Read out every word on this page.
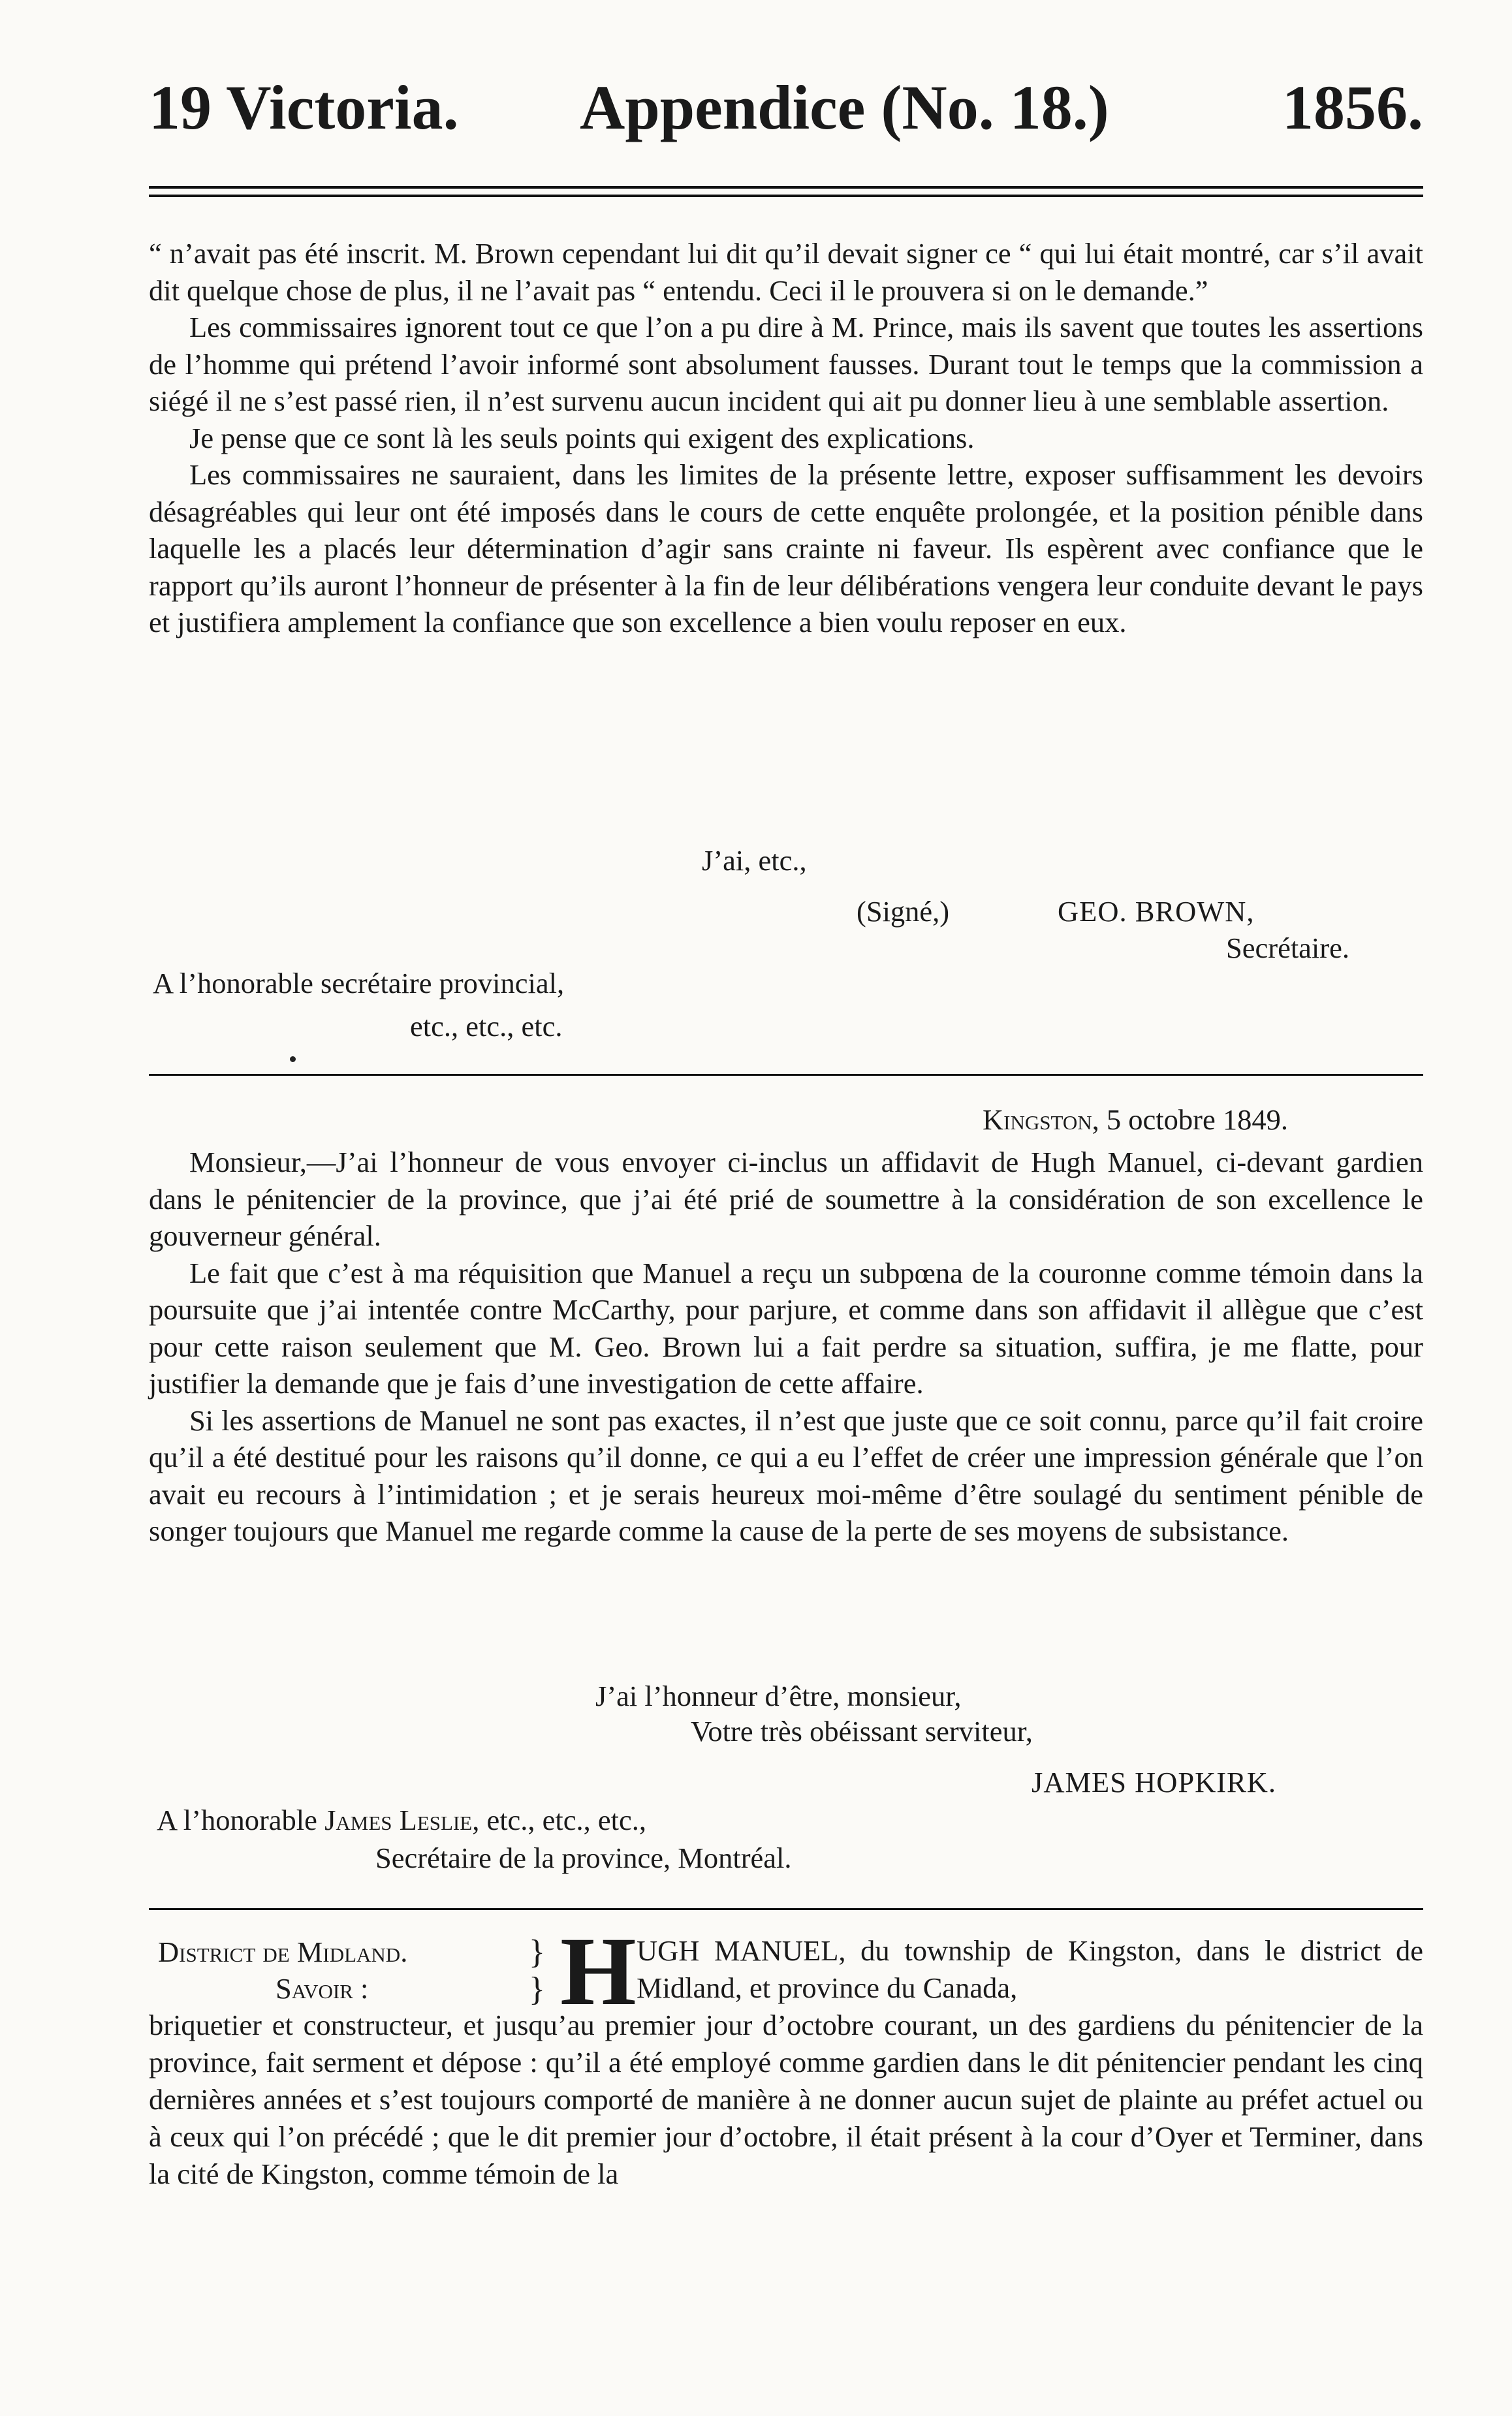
19 Victoria. Appendice (No. 18.)	1856.

“ n’avait pas été inscrit. M. Brown cependant lui dit qu’il devait signer ce “ qui lui était montré, car s’il avait dit quelque chose de plus, il ne l’avait pas “ entendu. Ceci il le prouvera si on le demande.”

Les commissaires ignorent tout ce que l’on a pu dire à M. Prince, mais ils savent que toutes les assertions de l’homme qui prétend l’avoir informé sont absolument fausses. Durant tout le temps que la commission a siégé il ne s’est passé rien, il n’est survenu aucun incident qui ait pu donner lieu à une semblable assertion.

Je pense que ce sont là les seuls points qui exigent des explications.

Les commissaires ne sauraient, dans les limites de la présente lettre, exposer suffisamment les devoirs désagréables qui leur ont été imposés dans le cours de cette enquête prolongée, et la position pénible dans laquelle les a placés leur détermination d’agir sans crainte ni faveur. Ils espèrent avec confiance que le rapport qu’ils auront l’honneur de présenter à la fin de leur délibérations vengera leur conduite devant le pays et justifiera amplement la confiance que son excellence a bien voulu reposer en eux.

J’ai, etc.,
(Signé,)	GEO. BROWN,
Secrétaire.
A l’honorable secrétaire provincial,
etc., etc., etc.
Kingston, 5 octobre 1849.

Monsieur,—J’ai l’honneur de vous envoyer ci-inclus un affidavit de Hugh Manuel, ci-devant gardien dans le pénitencier de la province, que j’ai été prié de soumettre à la considération de son excellence le gouverneur général.

Le fait que c’est à ma réquisition que Manuel a reçu un subpœna de la couronne comme témoin dans la poursuite que j’ai intentée contre McCarthy, pour parjure, et comme dans son affidavit il allègue que c’est pour cette raison seulement que M. Geo. Brown lui a fait perdre sa situation, suffira, je me flatte, pour justifier la demande que je fais d’une investigation de cette affaire.

Si les assertions de Manuel ne sont pas exactes, il n’est que juste que ce soit connu, parce qu’il fait croire qu’il a été destitué pour les raisons qu’il donne, ce qui a eu l’effet de créer une impression générale que l’on avait eu recours à l’intimidation ; et je serais heureux moi-même d’être soulagé du sentiment pénible de songer toujours que Manuel me regarde comme la cause de la perte de ses moyens de subsistance.

J’ai l’honneur d’être, monsieur,
Votre très obéissant serviteur,
JAMES HOPKIRK.
A l’honorable James Leslie, etc., etc., etc.,
Secrétaire de la province, Montréal.
District de Midland.
Savoir :
}
} H UGH MANUEL, du township de Kingston, dans le district de Midland, et province du Canada,
briquetier et constructeur, et jusqu’au premier jour d’octobre courant, un des gardiens du pénitencier de la province, fait serment et dépose : qu’il a été employé comme gardien dans le dit pénitencier pendant les cinq dernières années et s’est toujours comporté de manière à ne donner aucun sujet de plainte au préfet actuel ou à ceux qui l’on précédé ; que le dit premier jour d’octobre, il était présent à la cour d’Oyer et Terminer, dans la cité de Kingston, comme témoin de la
